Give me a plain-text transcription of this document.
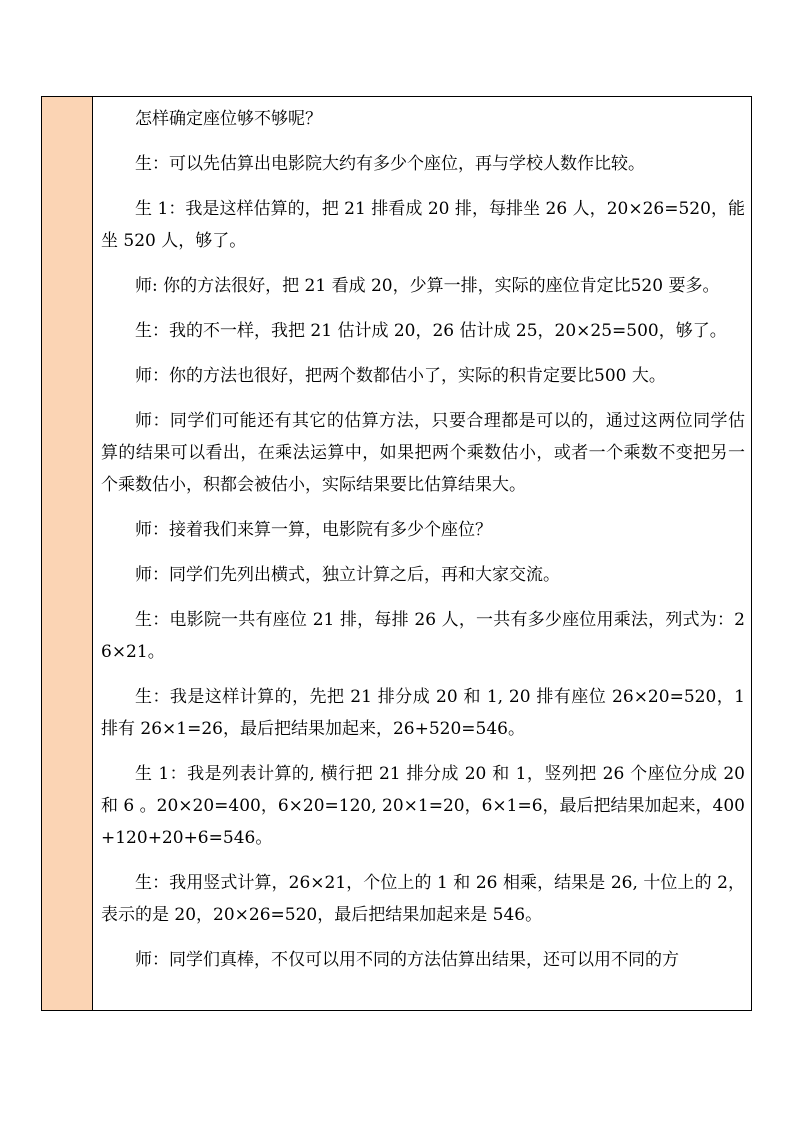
怎样确定座位够不够呢？

生：可以先估算出电影院大约有多少个座位，再与学校人数作比较。

生 1：我是这样估算的，把 21 排看成 20 排，每排坐 26 人，20×26=520，能坐 520 人，够了。

师: 你的方法很好，把 21 看成 20，少算一排，实际的座位肯定比520 要多。

生：我的不一样，我把 21 估计成 20，26 估计成 25，20×25=500，够了。

师：你的方法也很好，把两个数都估小了，实际的积肯定要比500 大。

师：同学们可能还有其它的估算方法，只要合理都是可以的，通过这两位同学估算的结果可以看出，在乘法运算中，如果把两个乘数估小，或者一个乘数不变把另一个乘数估小，积都会被估小，实际结果要比估算结果大。

师：接着我们来算一算，电影院有多少个座位？

师：同学们先列出横式，独立计算之后，再和大家交流。

生：电影院一共有座位 21 排，每排 26 人，一共有多少座位用乘法，列式为：26×21。

生：我是这样计算的，先把 21 排分成 20 和 1, 20 排有座位 26×20=520，1 排有 26×1=26，最后把结果加起来，26+520=546。

生 1：我是列表计算的, 横行把 21 排分成 20 和 1，竖列把 26 个座位分成 20 和 6 。20×20=400，6×20=120, 20×1=20，6×1=6，最后把结果加起来，400+120+20+6=546。

生：我用竖式计算，26×21，个位上的 1 和 26 相乘，结果是 26, 十位上的 2，表示的是 20，20×26=520，最后把结果加起来是 546。

师：同学们真棒，不仅可以用不同的方法估算出结果，还可以用不同的方
